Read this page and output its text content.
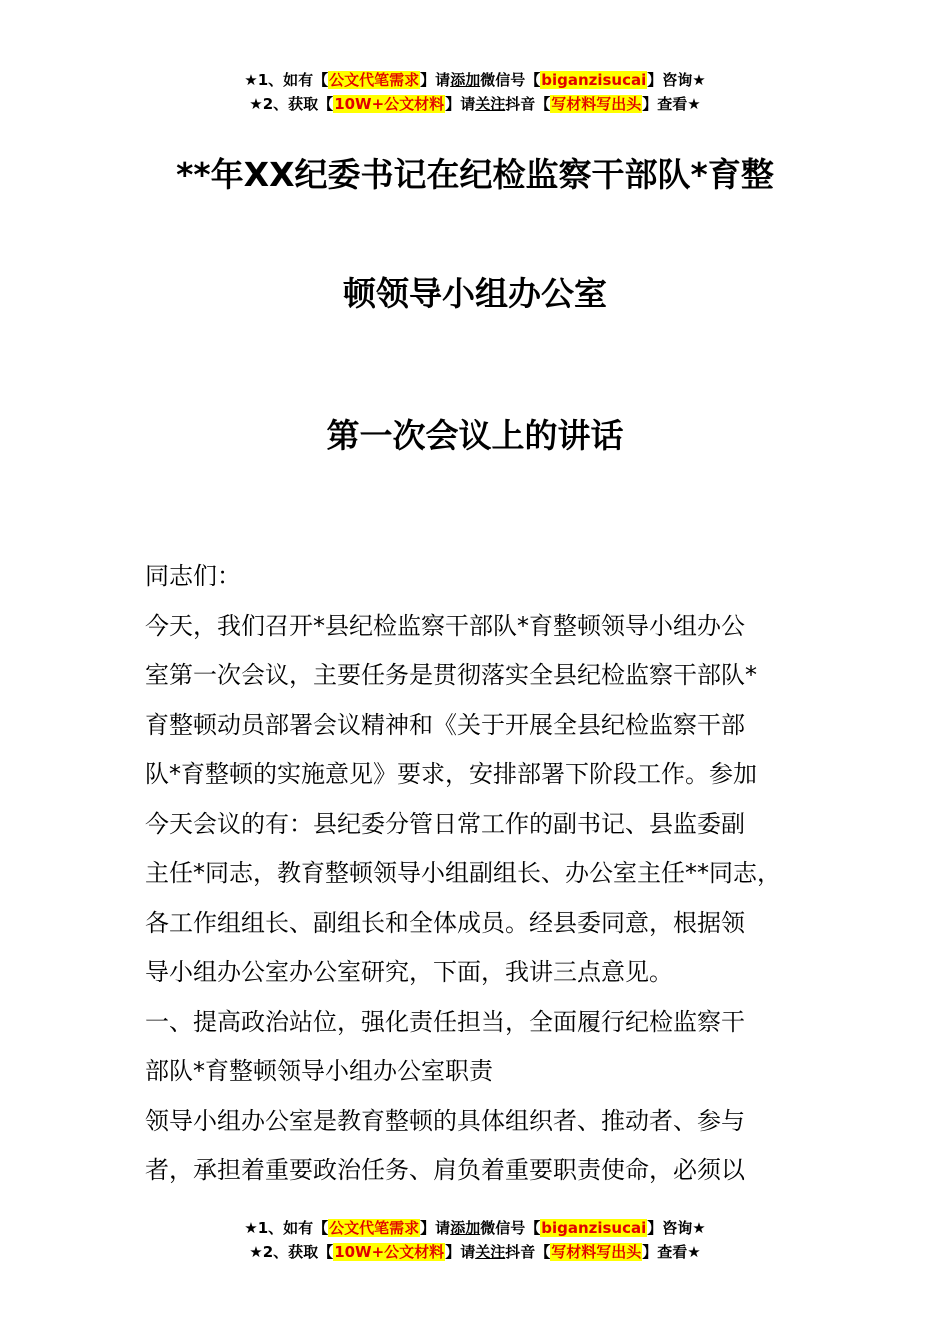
★1、如有【公文代笔需求】请添加微信号【biganzisucai】咨询★
★2、获取【10W+公文材料】请关注抖音【写材料写出头】查看★
**年XX纪委书记在纪检监察干部队*育整
顿领导小组办公室
第一次会议上的讲话
同志们：
今天，我们召开*县纪检监察干部队*育整顿领导小组办公
室第一次会议，主要任务是贯彻落实全县纪检监察干部队*
育整顿动员部署会议精神和《关于开展全县纪检监察干部
队*育整顿的实施意见》要求，安排部署下阶段工作。参加
今天会议的有：县纪委分管日常工作的副书记、县监委副
主任*同志，教育整顿领导小组副组长、办公室主任**同志，
各工作组组长、副组长和全体成员。经县委同意，根据领
导小组办公室办公室研究，下面，我讲三点意见。
一、提高政治站位，强化责任担当，全面履行纪检监察干
部队*育整顿领导小组办公室职责
领导小组办公室是教育整顿的具体组织者、推动者、参与
者，承担着重要政治任务、肩负着重要职责使命，必须以
★1、如有【公文代笔需求】请添加微信号【biganzisucai】咨询★
★2、获取【10W+公文材料】请关注抖音【写材料写出头】查看★
